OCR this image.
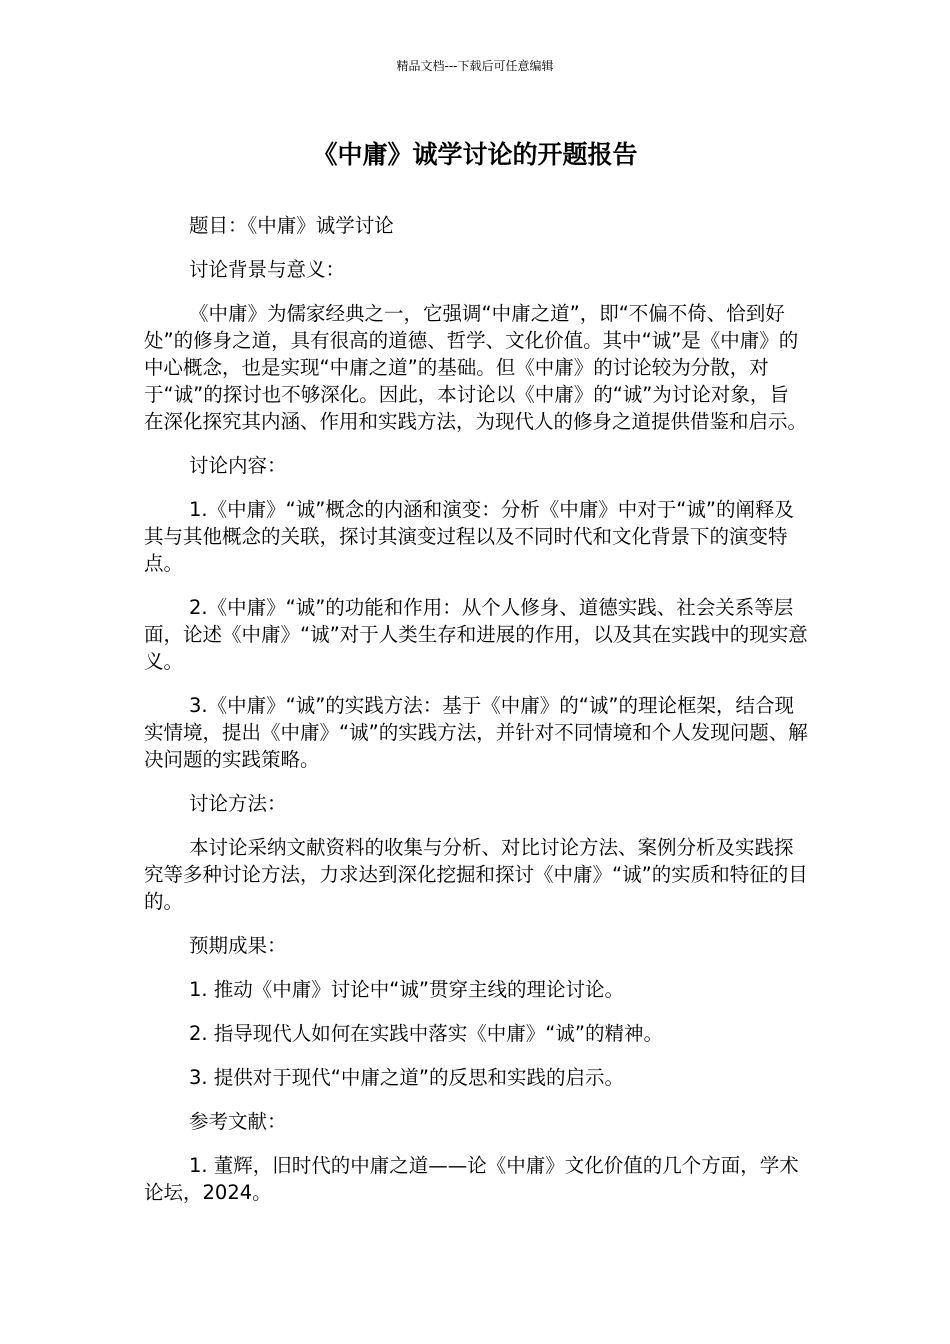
精品文档---下载后可任意编辑
《中庸》诚学讨论的开题报告

题目：《中庸》诚学讨论

讨论背景与意义：

《中庸》为儒家经典之一，它强调“中庸之道”，即“不偏不倚、恰到好处”的修身之道，具有很高的道德、哲学、文化价值。其中“诚”是《中庸》的中心概念，也是实现“中庸之道”的基础。但《中庸》的讨论较为分散，对于“诚”的探讨也不够深化。因此，本讨论以《中庸》的“诚”为讨论对象，旨在深化探究其内涵、作用和实践方法，为现代人的修身之道提供借鉴和启示。

讨论内容：

1.《中庸》“诚”概念的内涵和演变：分析《中庸》中对于“诚”的阐释及其与其他概念的关联，探讨其演变过程以及不同时代和文化背景下的演变特点。

2.《中庸》“诚”的功能和作用：从个人修身、道德实践、社会关系等层面，论述《中庸》“诚”对于人类生存和进展的作用，以及其在实践中的现实意义。

3.《中庸》“诚”的实践方法：基于《中庸》的“诚”的理论框架，结合现实情境，提出《中庸》“诚”的实践方法，并针对不同情境和个人发现问题、解决问题的实践策略。

讨论方法：

本讨论采纳文献资料的收集与分析、对比讨论方法、案例分析及实践探究等多种讨论方法，力求达到深化挖掘和探讨《中庸》“诚”的实质和特征的目的。

预期成果：

1. 推动《中庸》讨论中“诚”贯穿主线的理论讨论。

2. 指导现代人如何在实践中落实《中庸》“诚”的精神。

3. 提供对于现代“中庸之道”的反思和实践的启示。

参考文献：

1. 董辉，旧时代的中庸之道——论《中庸》文化价值的几个方面，学术论坛，2024。
